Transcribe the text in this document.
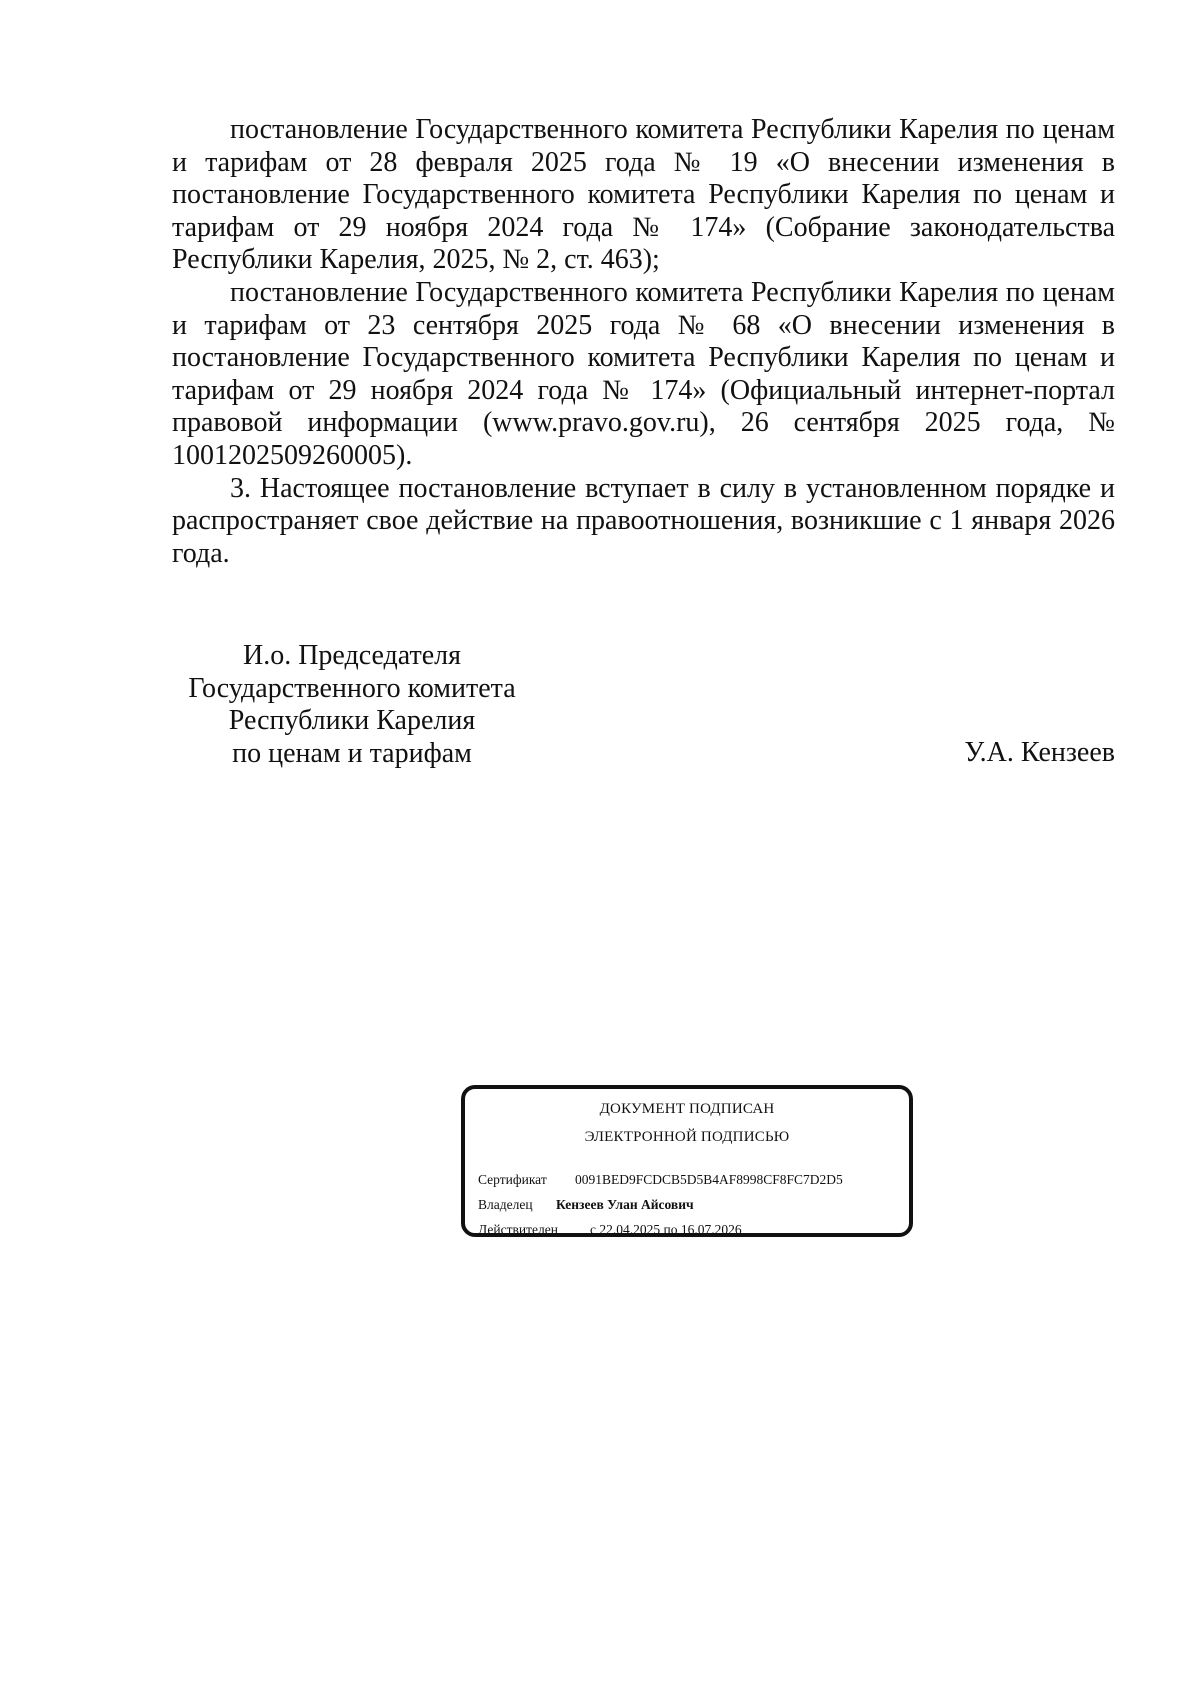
постановление Государственного комитета Республики Карелия по ценам и тарифам от 28 февраля 2025 года № 19 «О внесении изменения в постановление Государственного комитета Республики Карелия по ценам и тарифам от 29 ноября 2024 года № 174» (Собрание законодательства Республики Карелия, 2025, № 2, ст. 463);

постановление Государственного комитета Республики Карелия по ценам и тарифам от 23 сентября 2025 года № 68 «О внесении изменения в постановление Государственного комитета Республики Карелия по ценам и тарифам от 29 ноября 2024 года № 174» (Официальный интернет-портал правовой информации (www.pravo.gov.ru), 26 сентября 2025 года, № 1001202509260005).

3. Настоящее постановление вступает в силу в установленном порядке и распространяет свое действие на правоотношения, возникшие с 1 января 2026 года.

И.о. Председателя
Государственного комитета
Республики Карелия
по ценам и тарифам	У.А. Кензеев
ДОКУМЕНТ ПОДПИСАН
ЭЛЕКТРОННОЙ ПОДПИСЬЮ
Сертификат 0091BED9FCDCB5D5B4AF8998CF8FC7D2D5
Владелец Кензеев Улан Айсович
Действителен с 22.04.2025 по 16.07.2026
